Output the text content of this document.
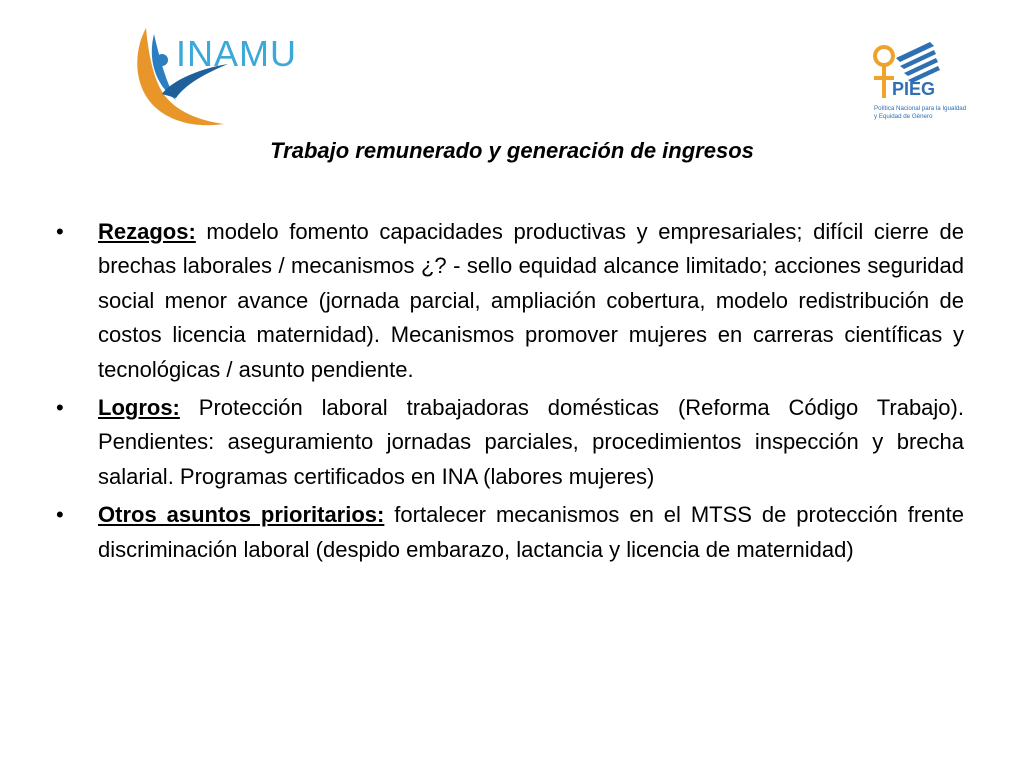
INAMU
PIEG
Política Nacional para la Igualdad
y Equidad de Género
Trabajo remunerado y generación de ingresos
•	Rezagos: modelo fomento capacidades productivas y empresariales; difícil cierre de brechas laborales / mecanismos ¿? - sello equidad alcance limitado; acciones seguridad social menor avance (jornada parcial, ampliación cobertura, modelo redistribución de costos licencia maternidad). Mecanismos promover mujeres en carreras científicas y tecnológicas / asunto pendiente.
•	Logros: Protección laboral trabajadoras domésticas (Reforma Código Trabajo). Pendientes: aseguramiento jornadas parciales, procedimientos inspección y brecha salarial. Programas certificados en INA (labores mujeres)
•	Otros asuntos prioritarios: fortalecer mecanismos en el MTSS de protección frente discriminación laboral (despido embarazo, lactancia y licencia de maternidad)
